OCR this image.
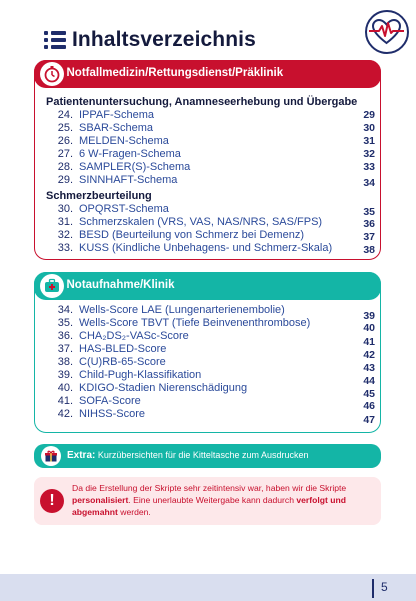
Inhaltsverzeichnis
Notfallmedizin/Rettungsdienst/Präklinik
Patientenuntersuchung, Anamneseerhebung und Übergabe
24. IPPAF-Schema	29
25. SBAR-Schema	30
26. MELDEN-Schema	31
27. 6 W-Fragen-Schema	32
28. SAMPLER(S)-Schema	33
29. SINNHAFT-Schema	34
Schmerzbeurteilung
30. OPQRST-Schema	35
31. Schmerzskalen (VRS, VAS, NAS/NRS, SAS/FPS)	36
32. BESD (Beurteilung von Schmerz bei Demenz)	37
33. KUSS (Kindliche Unbehagens- und Schmerz-Skala)	38
Notaufnahme/Klinik
34. Wells-Score LAE (Lungenarterienembolie)	39
35. Wells-Score TBVT (Tiefe Beinvenenthrombose)	40
36. CHA₂DS₂-VASc-Score	41
37. HAS-BLED-Score	42
38. C(U)RB-65-Score	43
39. Child-Pugh-Klassifikation	44
40. KDIGO-Stadien Nierenschädigung	45
41. SOFA-Score	46
42. NIHSS-Score	47
Extra: Kurzübersichten für die Kitteltasche zum Ausdrucken
!
Da die Erstellung der Skripte sehr zeitintensiv war, haben wir die Skripte personalisiert. Eine unerlaubte Weitergabe kann dadurch verfolgt und abgemahnt werden.
5
